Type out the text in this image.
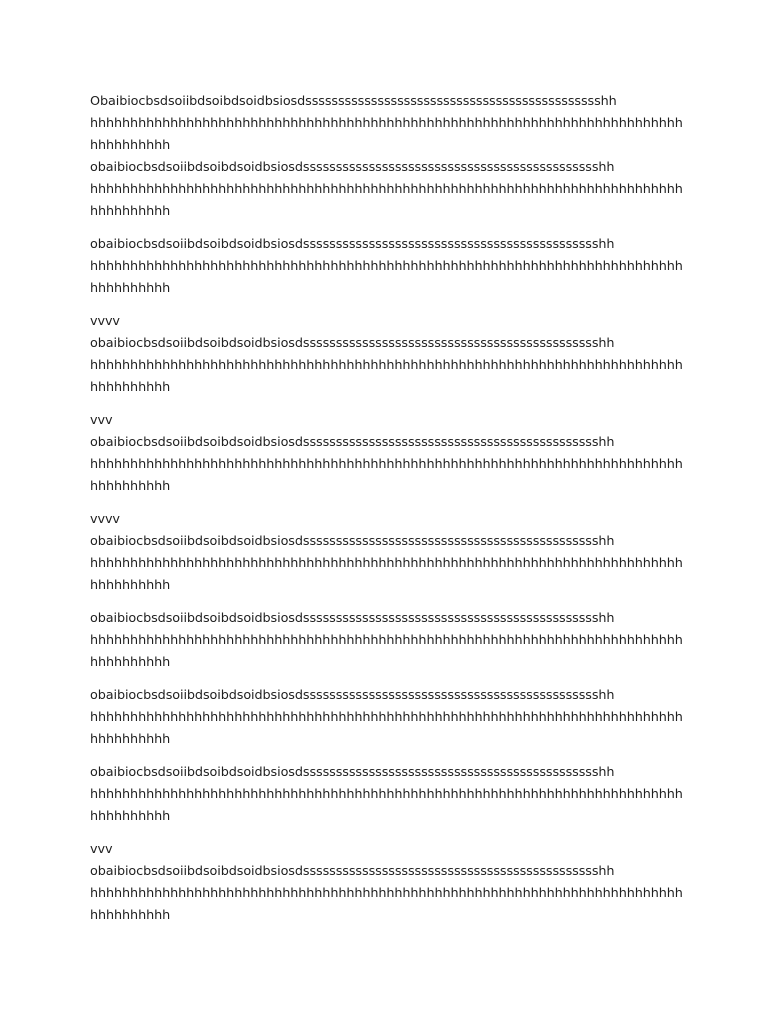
Obaibiocbsdsoiibdsoibdsoidbsiosdssssssssssssssssssssssssssssssssssssssssssssshh
hhhhhhhhhhhhhhhhhhhhhhhhhhhhhhhhhhhhhhhhhhhhhhhhhhhhhhhhhhhhhhhhhhhhhhhhhh
hhhhhhhhhh
obaibiocbsdsoiibdsoibdsoidbsiosdssssssssssssssssssssssssssssssssssssssssssssshh
hhhhhhhhhhhhhhhhhhhhhhhhhhhhhhhhhhhhhhhhhhhhhhhhhhhhhhhhhhhhhhhhhhhhhhhhhh
hhhhhhhhhh
obaibiocbsdsoiibdsoibdsoidbsiosdssssssssssssssssssssssssssssssssssssssssssssshh
hhhhhhhhhhhhhhhhhhhhhhhhhhhhhhhhhhhhhhhhhhhhhhhhhhhhhhhhhhhhhhhhhhhhhhhhhh
hhhhhhhhhh
vvvv
obaibiocbsdsoiibdsoibdsoidbsiosdssssssssssssssssssssssssssssssssssssssssssssshh
hhhhhhhhhhhhhhhhhhhhhhhhhhhhhhhhhhhhhhhhhhhhhhhhhhhhhhhhhhhhhhhhhhhhhhhhhh
hhhhhhhhhh
vvv
obaibiocbsdsoiibdsoibdsoidbsiosdssssssssssssssssssssssssssssssssssssssssssssshh
hhhhhhhhhhhhhhhhhhhhhhhhhhhhhhhhhhhhhhhhhhhhhhhhhhhhhhhhhhhhhhhhhhhhhhhhhh
hhhhhhhhhh
vvvv
obaibiocbsdsoiibdsoibdsoidbsiosdssssssssssssssssssssssssssssssssssssssssssssshh
hhhhhhhhhhhhhhhhhhhhhhhhhhhhhhhhhhhhhhhhhhhhhhhhhhhhhhhhhhhhhhhhhhhhhhhhhh
hhhhhhhhhh
obaibiocbsdsoiibdsoibdsoidbsiosdssssssssssssssssssssssssssssssssssssssssssssshh
hhhhhhhhhhhhhhhhhhhhhhhhhhhhhhhhhhhhhhhhhhhhhhhhhhhhhhhhhhhhhhhhhhhhhhhhhh
hhhhhhhhhh
obaibiocbsdsoiibdsoibdsoidbsiosdssssssssssssssssssssssssssssssssssssssssssssshh
hhhhhhhhhhhhhhhhhhhhhhhhhhhhhhhhhhhhhhhhhhhhhhhhhhhhhhhhhhhhhhhhhhhhhhhhhh
hhhhhhhhhh
obaibiocbsdsoiibdsoibdsoidbsiosdssssssssssssssssssssssssssssssssssssssssssssshh
hhhhhhhhhhhhhhhhhhhhhhhhhhhhhhhhhhhhhhhhhhhhhhhhhhhhhhhhhhhhhhhhhhhhhhhhhh
hhhhhhhhhh
vvv
obaibiocbsdsoiibdsoibdsoidbsiosdssssssssssssssssssssssssssssssssssssssssssssshh
hhhhhhhhhhhhhhhhhhhhhhhhhhhhhhhhhhhhhhhhhhhhhhhhhhhhhhhhhhhhhhhhhhhhhhhhhh
hhhhhhhhhh
